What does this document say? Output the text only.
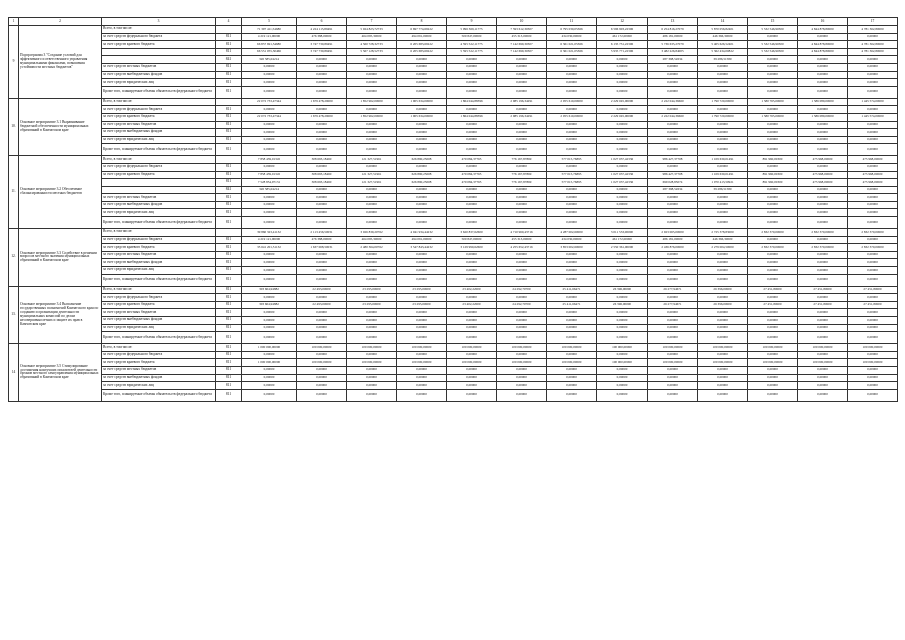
1	2	3	4	5	6	7	8	9	10	11	12	13	14	15	16	17
9	Подпрограмма 3 "Создание условий для эффективного и ответственного управления муниципальными финансами, повышения устойчивости местных бюджетов"	Всего, в том числе:		71 397 411,54680	4 224 115,89491	5 024 823,72733	6 697 774,69222	5 096 369,11775	7 593 612,30307	6 795 030,05366	6 596 903,22306	6 254 816,27079	5 870 056,82401	5 532 546,90300	4 844 878,80000	4 781 362,80000
		за счет средств федерального бюджета	811	4 219 121,90000	476 388,00000	464 095,30000	494 091,00000	500 847,00000	455 313,00000	434 030,00000	461 172,00000	486 181,00000	446 366,30000	0,00000	0,00000	0,00000
		за счет средств краевого бюджета	811	66 857 691,54680	3 747 730,89491	4 560 728,32733	6 205 683,69222	4 595 522,11775	7 142 699,30307	6 361 021,05366	6 135 731,22306	5 736 635,27079	5 405 626,52401	5 532 546,90300	4 844 878,80000	4 781 362,80000
			811	66 551 055,30466	3 747 730,89491	5 567 128,52733	6 205 683,69222	5 595 522,11775	7 142 699,30307	6 361 021,05366	5 935 771,22306	3 482 226,84005	5 362 434,00822	5 532 546,90300	4 844 878,80000	4 781 362,80000
			841	326 585,04214	0,00000	0,00000	0,00000	0,00000	0,00000	0,00000	0,00000	287 398,52634	39 286,51580	0,00000	0,00000	0,00000
		за счет средств местных бюджетов	811	0,00000	0,00000	0,00000	0,00000	0,00000	0,00000	0,00000	0,00000	0,00000	0,00000	0,00000	0,00000	0,00000
		за счет средств внебюджетных фондов	811	0,00000	0,00000	0,00000	0,00000	0,00000	0,00000	0,00000	0,00000	0,00000	0,00000	0,00000	0,00000	0,00000
		за счет средств юридических лиц	811	0,00000	0,00000	0,00000	0,00000	0,00000	0,00000	0,00000	0,00000	0,00000	0,00000	0,00000	0,00000	0,00000
		Кроме того, планируемые объемы обязательств федерального бюджета	811	0,00000	0,00000	0,00000	0,00000	0,00000	0,00000	0,00000	0,00000	0,00000	0,00000	0,00000	0,00000	0,00000
10.	Основное мероприятие 3.1 Выравнивание бюджетной обеспеченности муниципальных образований в Камчатском крае	Всего, в том числе:		22 072 733,47344	1 679 478,29000	1 852 962,00000	1 905 634,00000	1 864 044,88396	2 985 196,34291	2 055 610,00000	2 229 045,00000	2 222 044,36660	1 790 720,00000	1 580 765,00000	1 586 089,00000	1 445 574,00000
		за счет средств федерального бюджета	811	0,00000	0,00000	0,00000	0,00000	0,00000	0,00000	0,00000	0,00000	0,00000	0,00000	0,00000	0,00000	0,00000
		за счет средств краевого бюджета	811	22 072 733,47344	1 679 478,29000	1 852 962,00000	1 905 634,00000	1 864 044,88396	2 985 196,34291	2 055 610,00000	2 229 045,00000	2 222 044,36660	1 790 720,00000	1 580 765,00000	1 586 089,00000	1 445 574,00000
		за счет средств местных бюджетов	811	0,00000	0,00000	0,00000	0,00000	0,00000	0,00000	0,00000	0,00000	0,00000	0,00000	0,00000	0,00000	0,00000
		за счет средств внебюджетных фондов	811	0,00000	0,00000	0,00000	0,00000	0,00000	0,00000	0,00000	0,00000	0,00000	0,00000	0,00000	0,00000	0,00000
		за счет средств юридических лиц	811	0,00000	0,00000	0,00000	0,00000	0,00000	0,00000	0,00000	0,00000	0,00000	0,00000	0,00000	0,00000	0,00000
		Кроме того, планируемые объемы обязательств федерального бюджета	811	0,00000	0,00000	0,00000	0,00000	0,00000	0,00000	0,00000	0,00000	0,00000	0,00000	0,00000	0,00000	0,00000
11.	Основное мероприятие 3.2 Обеспечение сбалансированности местных бюджетов	Всего, в том числе:		7 858 439,01345	308 693,18460	121 327,51961	626 890,25008	470 084,37765	776 167,87869	577 015,76895	1 027 037,42336	986 427,37708	1 109 630,01491	891 960,00300	475 968,00000	475 968,00000
		за счет средств федерального бюджета	811	0,00000	0,00000	0,00000	0,00000	0,00000	0,00000	0,00000	0,00000	0,00000	0,00000	0,00000	0,00000	0,00000
		за счет средств краевого бюджета	811	7 858 439,01345	308 693,18460	121 327,51961	626 890,25008	470 084,37765	776 167,87869	577 015,76895	1 027 037,42336	986 427,37708	1 109 630,01491	891 960,00300	475 968,00000	475 968,00000
			811	7 528 854,97131	308 693,18460	121 327,51961	626 890,25008	470 084,37765	776 167,87869	577 015,76895	1 027 037,42336	699 028,85074	1 070 413,50921	891 960,00300	475 968,00000	475 968,00000
			841	326 585,04214	0,00000	0,00000	0,00000	0,00000	0,00000	0,00000	0,00000	287 398,52634	39 286,51580	0,00000	0,00000	0,00000
		за счет средств местных бюджетов	811	0,00000	0,00000	0,00000	0,00000	0,00000	0,00000	0,00000	0,00000	0,00000	0,00000	0,00000	0,00000	0,00000
		за счет средств внебюджетных фондов	811	0,00000	0,00000	0,00000	0,00000	0,00000	0,00000	0,00000	0,00000	0,00000	0,00000	0,00000	0,00000	0,00000
		за счет средств юридических лиц	811	0,00000	0,00000	0,00000	0,00000	0,00000	0,00000	0,00000	0,00000	0,00000	0,00000	0,00000	0,00000	0,00000
		Кроме того, планируемые объемы обязательств федерального бюджета	811	0,00000	0,00000	0,00000	0,00000	0,00000	0,00000	0,00000	0,00000	0,00000	0,00000	0,00000	0,00000	0,00000
12.	Основное мероприятие 3.3 Содействие в решении вопросов местного значения муниципальных образований в Камчатском крае	Всего, в том числе:		39 860 323,41132	2 113 456,50031	3 026 839,20762	4 041 934,44232	3 620 837,62600	4 710 960,43716	4 287 002,60000	3 011 533,00000	2 923 065,00000	2 725 378,83000	2 832 370,00000	2 832 370,00000	2 832 370,00000
		за счет средств федерального бюджета	811	4 219 121,90000	476 388,00000	464 095,30000	494 091,00000	500 847,00000	455 313,00000	434 030,00000	461 172,00000	486 181,00000	446 366,30000	0,00000	0,00000	0,00000
		за счет средств краевого бюджета	811	35 641 201,51132	1 637 068,50031	2 480 364,00762	3 547 843,44232	3 129 990,62600	4 255 652,43716	3 853 002,60000	2 550 361,00000	2 436 876,00000	2 279 004,50000	2 832 370,00000	2 832 370,00000	2 832 370,00000
		за счет средств местных бюджетов	811	0,00000	0,00000	0,00000	0,00000	0,00000	0,00000	0,00000	0,00000	0,00000	0,00000	0,00000	0,00000	0,00000
		за счет средств внебюджетных фондов	811	0,00000	0,00000	0,00000	0,00000	0,00000	0,00000	0,00000	0,00000	0,00000	0,00000	0,00000	0,00000	0,00000
		за счет средств юридических лиц	811	0,00000	0,00000	0,00000	0,00000	0,00000	0,00000	0,00000	0,00000	0,00000	0,00000	0,00000	0,00000	0,00000
		Кроме того, планируемые объемы обязательств федерального бюджета	811	0,00000	0,00000	0,00000	0,00000	0,00000	0,00000	0,00000	0,00000	0,00000	0,00000	0,00000	0,00000	0,00000
13.	Основное мероприятие 3.4 Выполнение государственных полномочий Камчатского края по созданию и организации деятельности муниципальных комиссий по делам несовершеннолетних и защите их прав в Камчатском крае	Всего, в том числе:	811	303 604,94882	22 493,00000	23 295,00000	23 295,00000	23 402,22000	24 292,70700	25 411,66471	26 396,00000	26 277,94671	26 396,00000	27 451,80000	27 451,80000	27 451,80000
		за счет средств федерального бюджета	811	0,00000	0,00000	0,00000	0,00000	0,00000	0,00000	0,00000	0,00000	0,00000	0,00000	0,00000	0,00000	0,00000
		за счет средств краевого бюджета	811	303 604,94882	22 493,00000	23 295,00000	23 295,00000	23 402,22000	24 292,70700	25 411,66471	26 396,00000	26 277,94671	26 396,00000	27 451,80000	27 451,80000	27 451,80000
		за счет средств местных бюджетов	811	0,00000	0,00000	0,00000	0,00000	0,00000	0,00000	0,00000	0,00000	0,00000	0,00000	0,00000	0,00000	0,00000
		за счет средств внебюджетных фондов	811	0,00000	0,00000	0,00000	0,00000	0,00000	0,00000	0,00000	0,00000	0,00000	0,00000	0,00000	0,00000	0,00000
		за счет средств юридических лиц	811	0,00000	0,00000	0,00000	0,00000	0,00000	0,00000	0,00000	0,00000	0,00000	0,00000	0,00000	0,00000	0,00000
		Кроме того, планируемые объемы обязательств федерального бюджета	811	0,00000	0,00000	0,00000	0,00000	0,00000	0,00000	0,00000	0,00000	0,00000	0,00000	0,00000	0,00000	0,00000
14	Основное мероприятие 3.5 Стимулирование достижения наилучших показателей деятельности органов местного самоуправления муниципальных образований в Камчатском крае	Всего, в том числе:	811	1 000 000,00000	100 000,00000	100 000,00000	100 000,00000	100 000,00000	100 000,00000	100 000,00000	100 000,00000	100 000,00000	100 000,00000	100 000,00000	100 000,00000	100 000,00000
		за счет средств федерального бюджета	811	0,00000	0,00000	0,00000	0,00000	0,00000	0,00000	0,00000	0,00000	0,00000	0,00000	0,00000	0,00000	0,00000
		за счет средств краевого бюджета	811	1 000 000,00000	100 000,00000	100 000,00000	100 000,00000	100 000,00000	100 000,00000	100 000,00000	100 000,00000	100 000,00000	100 000,00000	100 000,00000	100 000,00000	100 000,00000
		за счет средств местных бюджетов	811	0,00000	0,00000	0,00000	0,00000	0,00000	0,00000	0,00000	0,00000	0,00000	0,00000	0,00000	0,00000	0,00000
		за счет средств внебюджетных фондов	811	0,00000	0,00000	0,00000	0,00000	0,00000	0,00000	0,00000	0,00000	0,00000	0,00000	0,00000	0,00000	0,00000
		за счет средств юридических лиц	811	0,00000	0,00000	0,00000	0,00000	0,00000	0,00000	0,00000	0,00000	0,00000	0,00000	0,00000	0,00000	0,00000
		Кроме того, планируемые объемы обязательств федерального бюджета	811	0,00000	0,00000	0,00000	0,00000	0,00000	0,00000	0,00000	0,00000	0,00000	0,00000	0,00000	0,00000	0,00000
